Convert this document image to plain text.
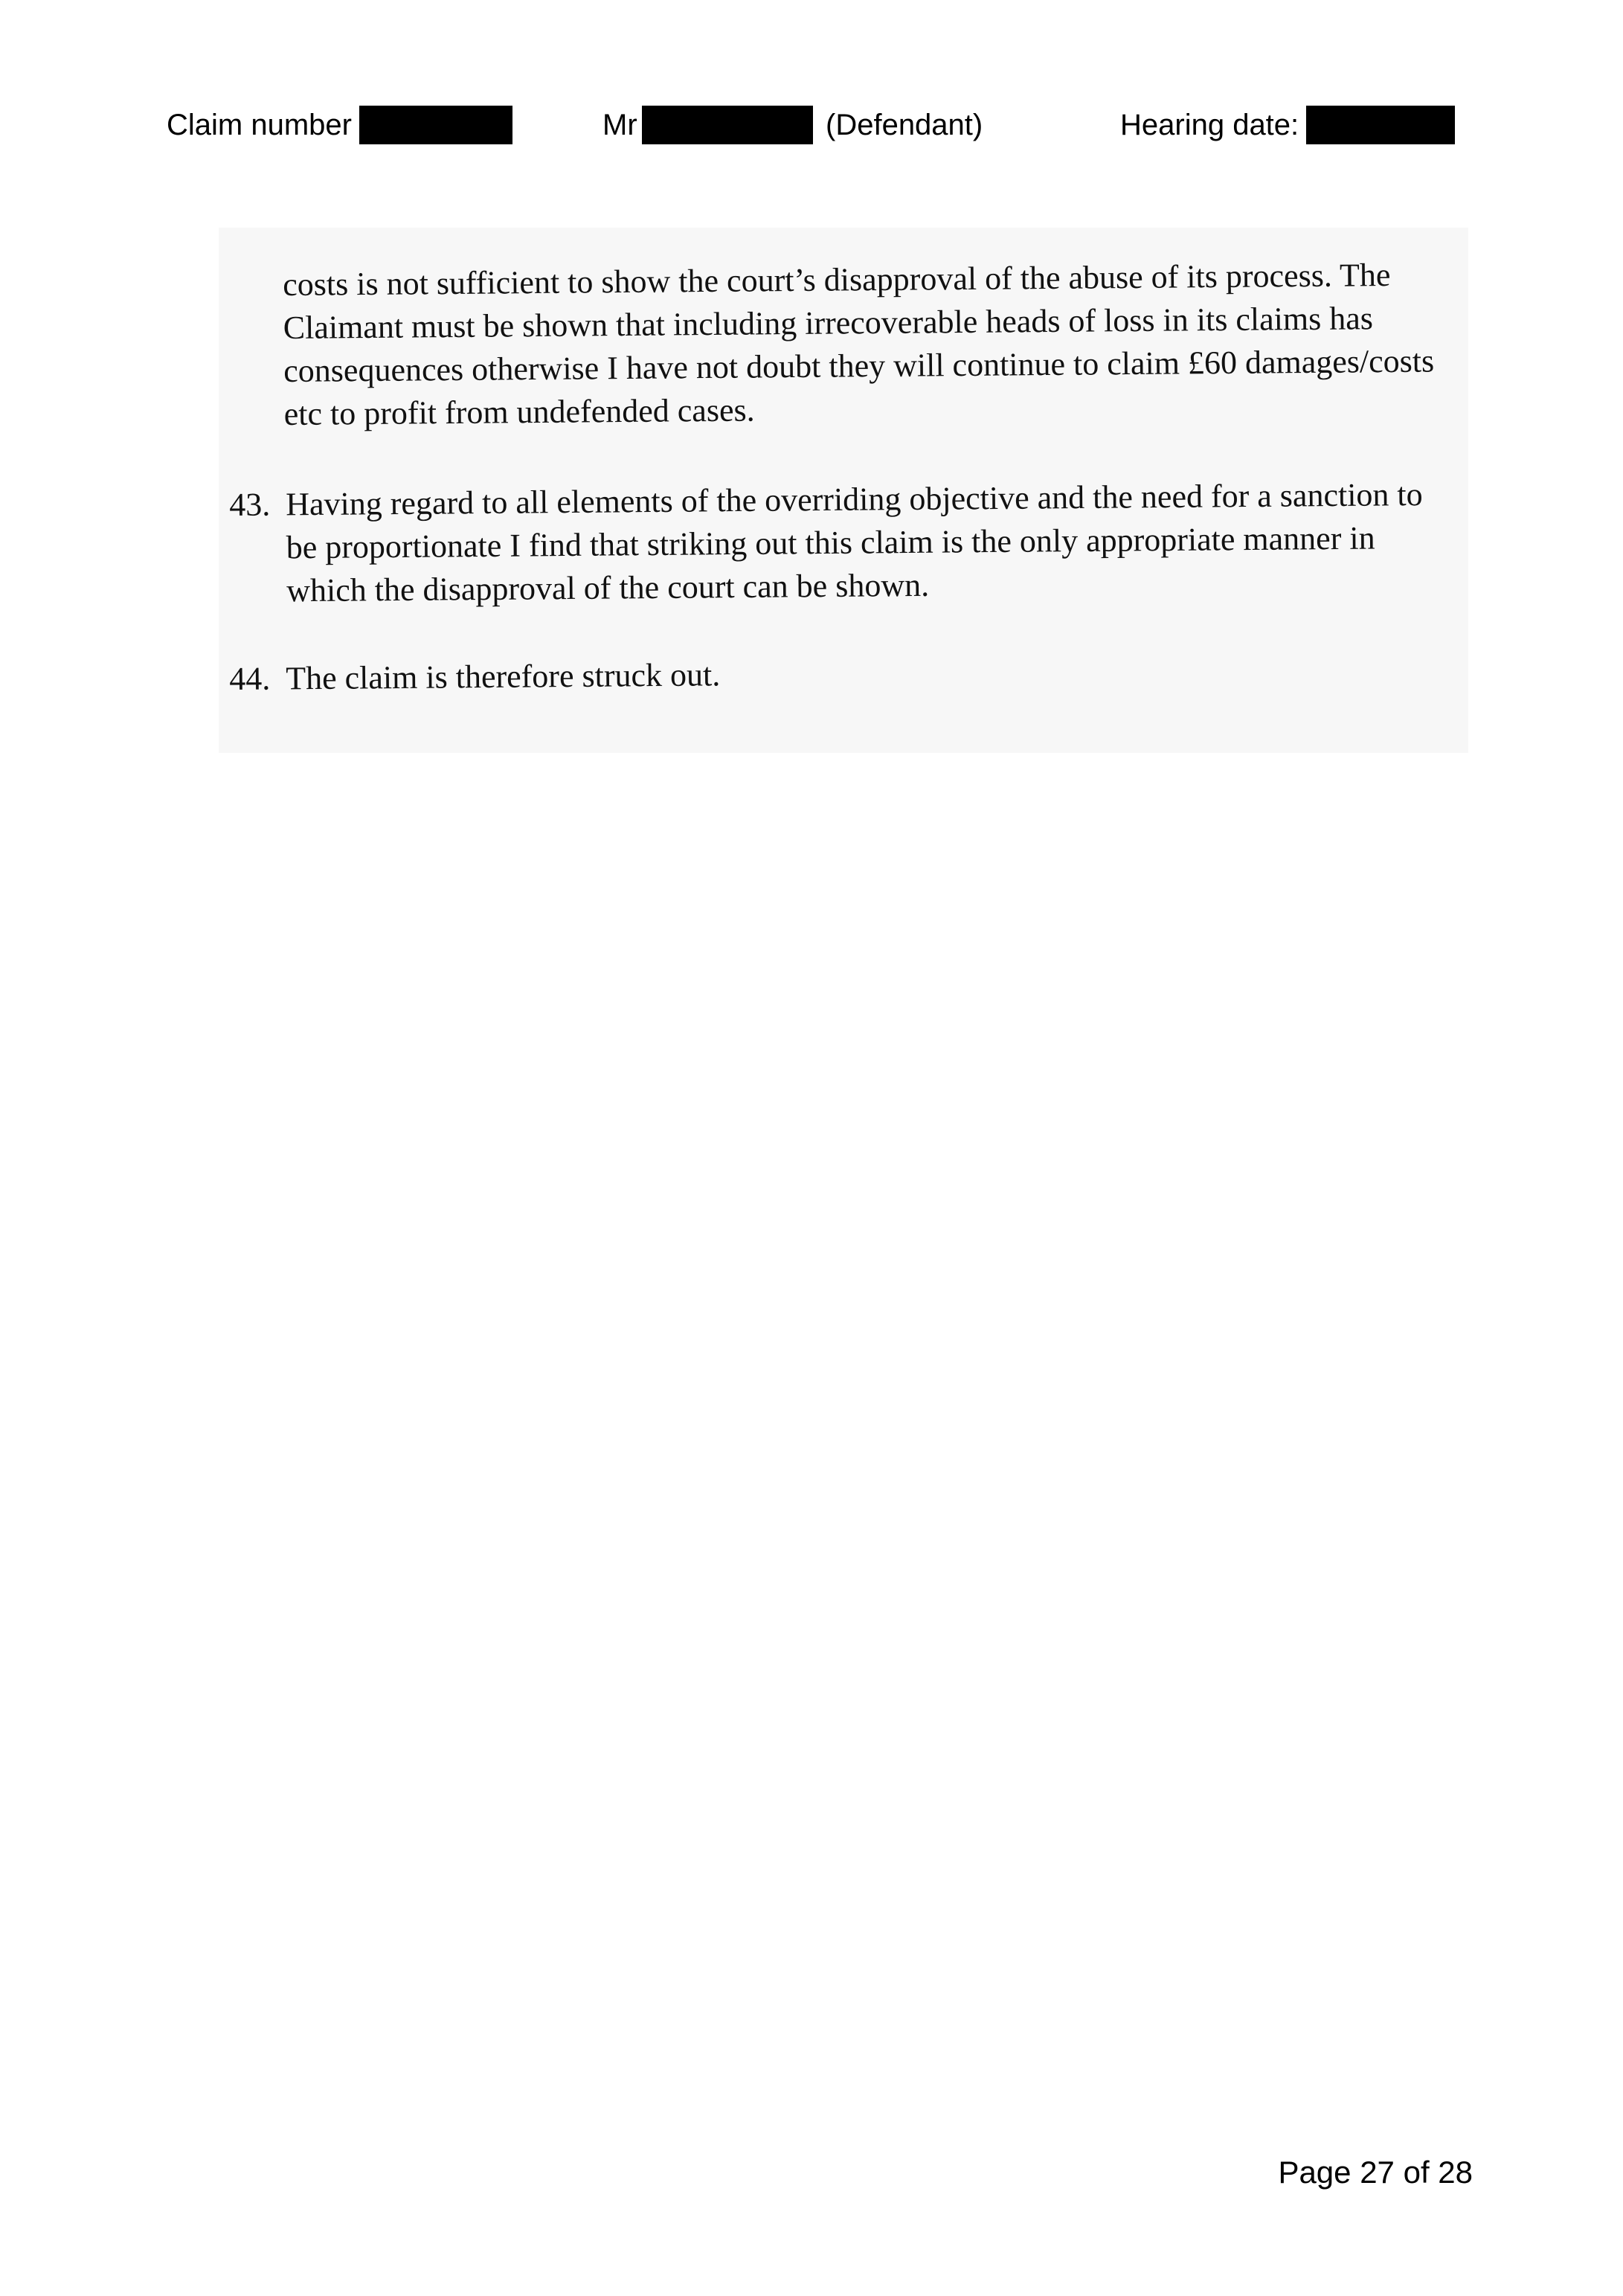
Claim number	Mr	(Defendant)	Hearing date:

costs is not sufficient to show the court’s disapproval of the abuse of its process. The Claimant must be shown that including irrecoverable heads of loss in its claims has consequences otherwise I have not doubt they will continue to claim £60 damages/costs etc to profit from undefended cases.

43. Having regard to all elements of the overriding objective and the need for a sanction to be proportionate I find that striking out this claim is the only appropriate manner in which the disapproval of the court can be shown.
44. The claim is therefore struck out.
Page 27 of 28
